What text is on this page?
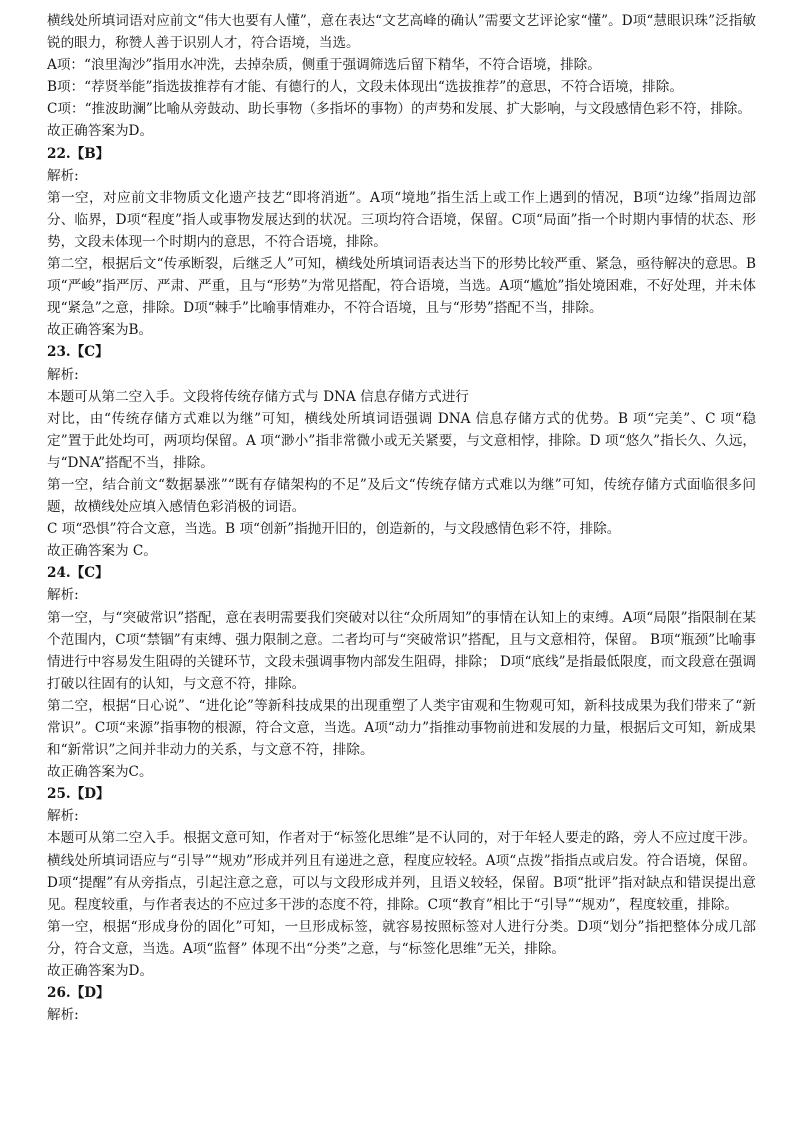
横线处所填词语对应前文“伟大也要有人懂”，意在表达“文艺高峰的确认”需要文艺评论家“懂”。D项“慧眼识珠”泛指敏锐的眼力，称赞人善于识别人才，符合语境，当选。

A项：“浪里淘沙”指用水冲洗，去掉杂质，侧重于强调筛选后留下精华，不符合语境，排除。

B项：“荐贤举能”指选拔推荐有才能、有德行的人，文段未体现出“选拔推荐”的意思，不符合语境，排除。

C项：“推波助澜”比喻从旁鼓动、助长事物（多指坏的事物）的声势和发展、扩大影响，与文段感情色彩不符，排除。

故正确答案为D。

22.【B】

解析:

第一空，对应前文非物质文化遗产技艺“即将消逝”。A项“境地”指生活上或工作上遇到的情况，B项“边缘”指周边部分、临界，D项“程度”指人或事物发展达到的状况。三项均符合语境，保留。C项“局面”指一个时期内事情的状态、形势，文段未体现一个时期内的意思，不符合语境，排除。

第二空，根据后文“传承断裂，后继乏人”可知，横线处所填词语表达当下的形势比较严重、紧急，亟待解决的意思。B项“严峻”指严厉、严肃、严重，且与“形势”为常见搭配，符合语境，当选。A项“尴尬”指处境困难，不好处理，并未体现“紧急”之意，排除。D项“棘手”比喻事情难办，不符合语境，且与“形势”搭配不当，排除。

故正确答案为B。

23.【C】

解析:

本题可从第二空入手。文段将传统存储方式与 DNA 信息存储方式进行

对比，由“传统存储方式难以为继”可知，横线处所填词语强调 DNA 信息存储方式的优势。B 项“完美”、C 项“稳定”置于此处均可，两项均保留。A 项“渺小”指非常微小或无关紧要，与文意相悖，排除。D 项“悠久”指长久、久远，与“DNA”搭配不当，排除。

第一空，结合前文“数据暴涨”“既有存储架构的不足”及后文“传统存储方式难以为继”可知，传统存储方式面临很多问题，故横线处应填入感情色彩消极的词语。

C 项“恐惧”符合文意，当选。B 项“创新”指抛开旧的，创造新的，与文段感情色彩不符，排除。

故正确答案为 C。

24.【C】

解析:

第一空，与“突破常识”搭配，意在表明需要我们突破对以往“众所周知”的事情在认知上的束缚。A项“局限”指限制在某个范围内，C项“禁锢”有束缚、强力限制之意。二者均可与“突破常识”搭配，且与文意相符，保留。 B项“瓶颈”比喻事情进行中容易发生阻碍的关键环节，文段未强调事物内部发生阻碍，排除； D项“底线”是指最低限度，而文段意在强调打破以往固有的认知，与文意不符，排除。

第二空，根据“日心说”、“进化论”等新科技成果的出现重塑了人类宇宙观和生物观可知，新科技成果为我们带来了“新常识”。C项“来源”指事物的根源，符合文意，当选。A项“动力”指推动事物前进和发展的力量，根据后文可知，新成果和“新常识”之间并非动力的关系，与文意不符，排除。

故正确答案为C。

25.【D】

解析:

本题可从第二空入手。根据文意可知，作者对于“标签化思维”是不认同的，对于年轻人要走的路，旁人不应过度干涉。横线处所填词语应与“引导”“规劝”形成并列且有递进之意，程度应较轻。A项“点拨”指指点或启发。符合语境，保留。D项“提醒”有从旁指点，引起注意之意，可以与文段形成并列，且语义较轻，保留。B项“批评”指对缺点和错误提出意见。程度较重，与作者表达的不应过多干涉的态度不符，排除。C项“教育”相比于“引导”“规劝”，程度较重，排除。

第一空，根据“形成身份的固化”可知，一旦形成标签，就容易按照标签对人进行分类。D项“划分”指把整体分成几部分，符合文意，当选。A项“监督” 体现不出“分类”之意，与“标签化思维”无关，排除。

故正确答案为D。

26.【D】

解析:
